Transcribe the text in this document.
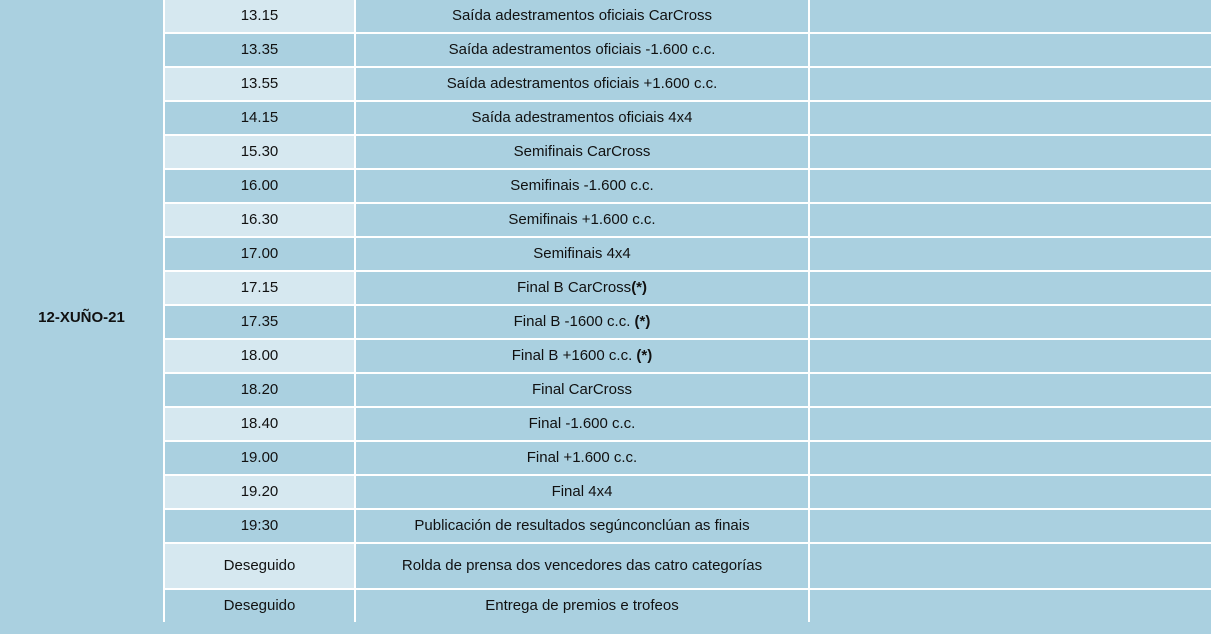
12-XUÑO-21
13.15	Saída adestramentos oficiais CarCross
13.35	Saída adestramentos oficiais -1.600 c.c.
13.55	Saída adestramentos oficiais +1.600 c.c.
14.15	Saída adestramentos oficiais 4x4
15.30	Semifinais CarCross
16.00	Semifinais -1.600 c.c.
16.30	Semifinais +1.600 c.c.
17.00	Semifinais 4x4
17.15	Final B CarCross (*)
17.35	Final B -1600 c.c. (*)
18.00	Final B +1600 c.c. (*)
18.20	Final CarCross
18.40	Final -1.600 c.c.
19.00	Final +1.600 c.c.
19.20	Final 4x4
19:30	Publicación de resultados segúnconclúan as finais
Deseguido	Rolda de prensa dos vencedores das catro categorías
Deseguido	Entrega de premios e trofeos
